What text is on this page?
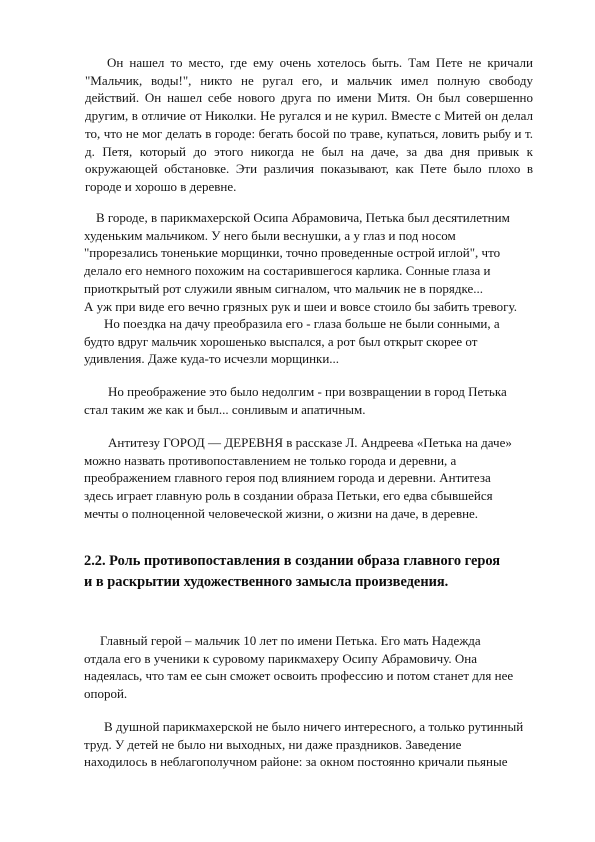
Он нашел то место, где ему очень хотелось быть. Там Пете не кричали "Мальчик, воды!", никто не ругал его, и мальчик имел полную свободу действий. Он нашел себе нового друга по имени Митя. Он был совершенно другим, в отличие от Николки. Не ругался и не курил. Вместе с Митей он делал то, что не мог делать в городе: бегать босой по траве, купаться, ловить рыбу и т. д. Петя, который до этого никогда не был на даче, за два дня привык к окружающей обстановке. Эти различия показывают, как Пете было плохо в городе и хорошо в деревне.

В городе, в парикмахерской Осипа Абрамовича, Петька был десятилетним
худеньким мальчиком. У него были веснушки, а у глаз и под носом
"прорезались тоненькие морщинки, точно проведенные острой иглой", что
делало его немного похожим на состарившегося карлика. Сонные глаза и
приоткрытый рот служили явным сигналом, что мальчик не в порядке...
А уж при виде его вечно грязных рук и шеи и вовсе стоило бы забить тревогу.

Но поездка на дачу преобразила его - глаза больше не были сонными, а
будто вдруг мальчик хорошенько выспался, а рот был открыт скорее от
удивления. Даже куда-то исчезли морщинки...

Но преображение это было недолгим - при возвращении в город Петька
стал таким же как и был... сонливым и апатичным.

Антитезу ГОРОД — ДЕРЕВНЯ в рассказе Л. Андреева «Петька на даче»
можно назвать противопоставлением не только города и деревни, а
преображением главного героя под влиянием города и деревни. Антитеза
здесь играет главную роль в создании образа Петьки, его едва сбывшейся
мечты о полноценной человеческой жизни, о жизни на даче, в деревне.

2.2. Роль противопоставления в создании образа главного героя
и в раскрытии художественного замысла произведения.

Главный герой – мальчик 10 лет по имени Петька. Его мать Надежда
отдала его в ученики к суровому парикмахеру Осипу Абрамовичу. Она
надеялась, что там ее сын сможет освоить профессию и потом станет для нее
опорой.

В душной парикмахерской не было ничего интересного, а только рутинный
труд. У детей не было ни выходных, ни даже праздников. Заведение
находилось в неблагополучном районе: за окном постоянно кричали пьяные
